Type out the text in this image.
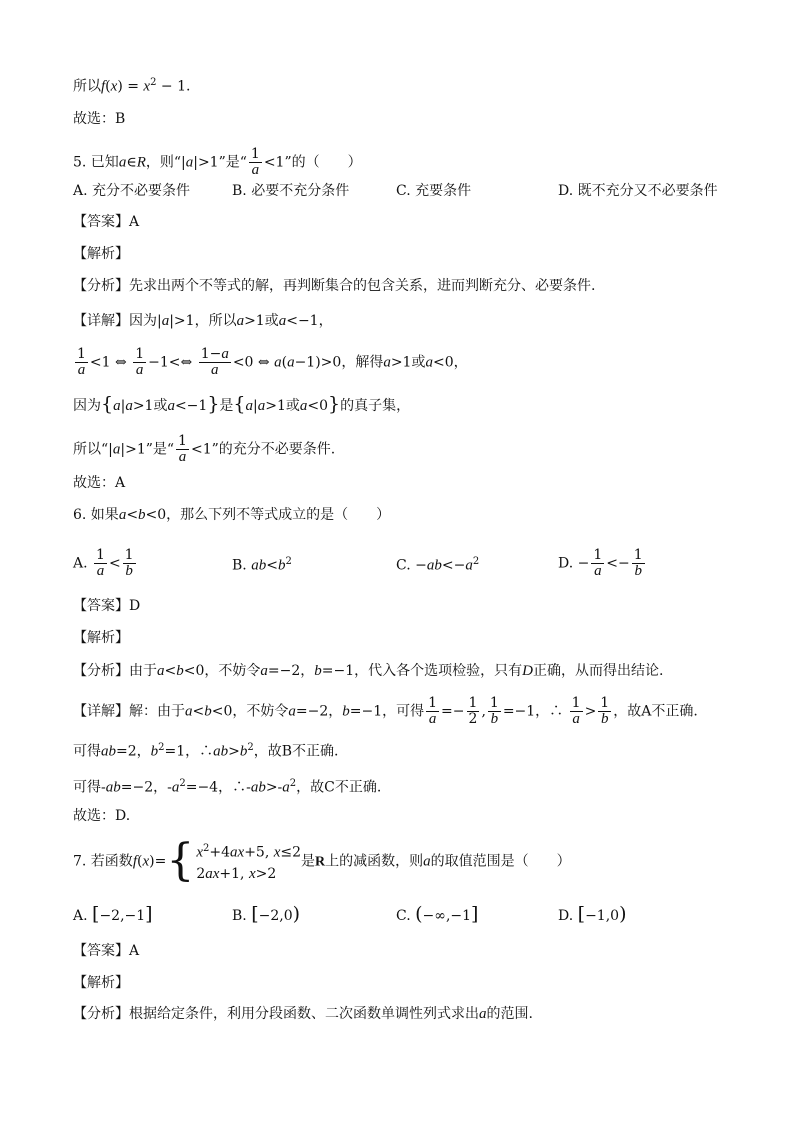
所以$f(x) = x^2 - 1$.
故选：B
5. 已知a∈R，则“|a|>1”是“ $\frac{1}{a} <1$”的（　　）
A. 充分不必要条件	B. 必要不充分条件	C. 充要条件	D. 既不充分又不必要条件
【答案】A
【解析】
【分析】先求出两个不等式的解，再判断集合的包含关系，进而判断充分、必要条件.
【详解】因为|a|>1，所以a>1或a<−1，
$\frac{1}{a} <1$ ⇔ $\frac{1}{a}$ −1<⇔ $\frac{1-a}{a} <0$ ⇔ a(a−1)>0，解得a>1或a<0，
因为{a|a>1或a<−1}是{a|a>1或a<0}的真子集，
所以“|a|>1”是“ $\frac{1}{a} <1$”的充分不必要条件.
故选：A
6. 如果a<b<0，那么下列不等式成立的是（　　）
A. $\frac{1}{a} < \frac{1}{b}$	B. $ab<b^2$	C. $-ab<-a^2$	D. − $\frac{1}{a} <- \frac{1}{b}$
【答案】D
【解析】
【分析】由于a<b<0，不妨令a=−2，b=−1，代入各个选项检验，只有D正确，从而得出结论.
【详解】解：由于a<b<0，不妨令a=−2，b=−1，可得 $\frac{1}{a} =- \frac{1}{2}$ , $\frac{1}{b} =-1$，∴ $\frac{1}{a} > \frac{1}{b}$ ，故A不正确.
可得ab=2，$b^2=1$，$\therefore ab>b^2$，故B不正确.
可得-ab=−2，$-a^2=-4$，$\therefore-ab>-a^2$，故C不正确.
故选：D.
7. 若函数f(x)= { $x^2+4ax+5$, x≤2
2ax+1, x>2
是R上的减函数，则a的取值范围是（　　）
A. [−2,−1]	B. [−2,0)	C. (−∞,−1]	D. [−1,0)
【答案】A
【解析】
【分析】根据给定条件，利用分段函数、二次函数单调性列式求出a的范围.
